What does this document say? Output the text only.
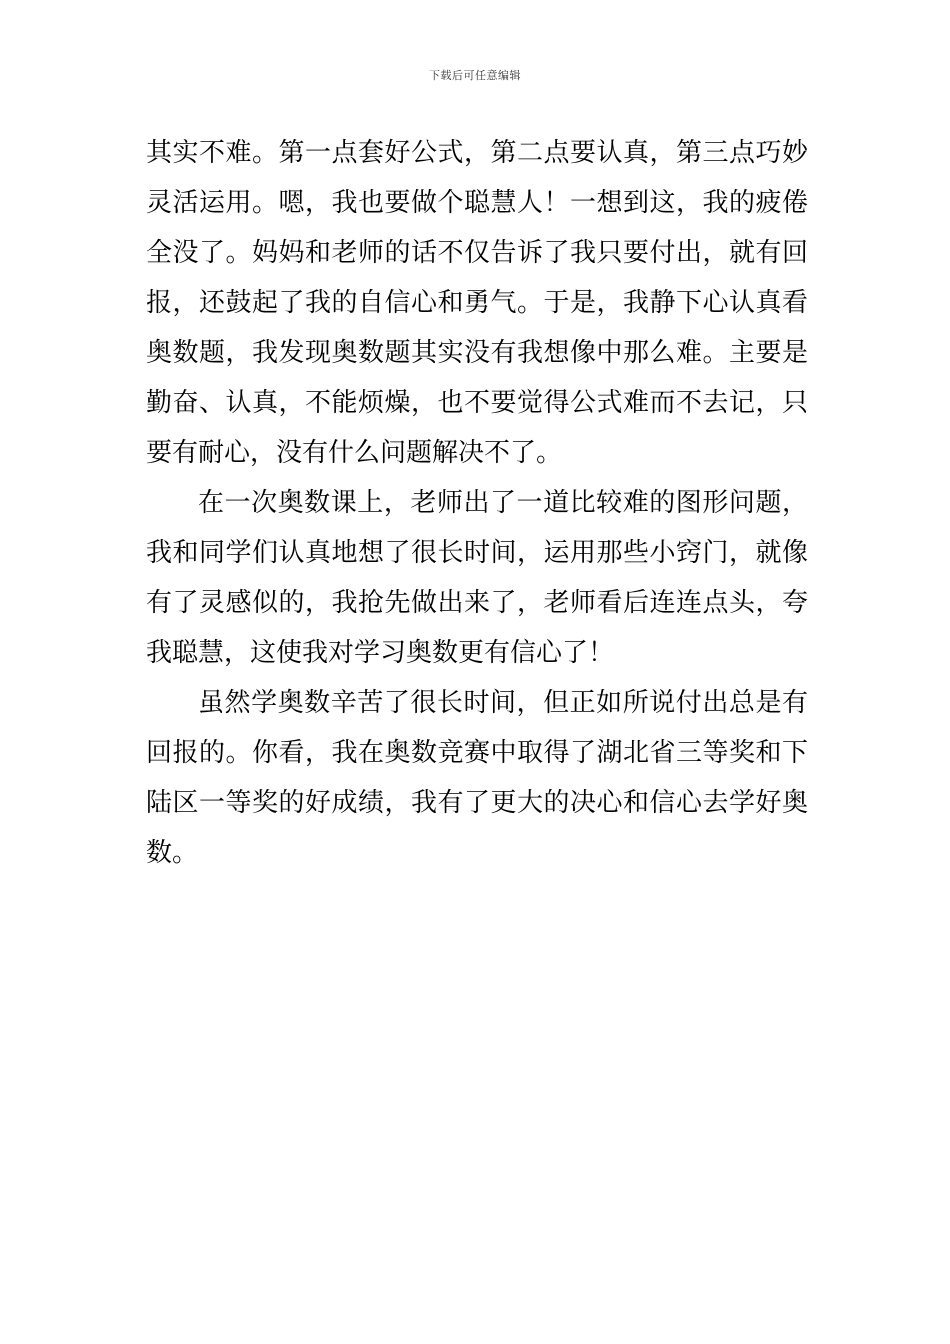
下载后可任意编辑
其实不难。第一点套好公式，第二点要认真，第三点巧妙
灵活运用。嗯，我也要做个聪慧人！一想到这，我的疲倦
全没了。妈妈和老师的话不仅告诉了我只要付出，就有回
报，还鼓起了我的自信心和勇气。于是，我静下心认真看
奥数题，我发现奥数题其实没有我想像中那么难。主要是
勤奋、认真，不能烦燥，也不要觉得公式难而不去记，只
要有耐心，没有什么问题解决不了。
在一次奥数课上，老师出了一道比较难的图形问题，
我和同学们认真地想了很长时间，运用那些小窍门，就像
有了灵感似的，我抢先做出来了，老师看后连连点头，夸
我聪慧，这使我对学习奥数更有信心了！
虽然学奥数辛苦了很长时间，但正如所说付出总是有
回报的。你看，我在奥数竞赛中取得了湖北省三等奖和下
陆区一等奖的好成绩，我有了更大的决心和信心去学好奥
数。
